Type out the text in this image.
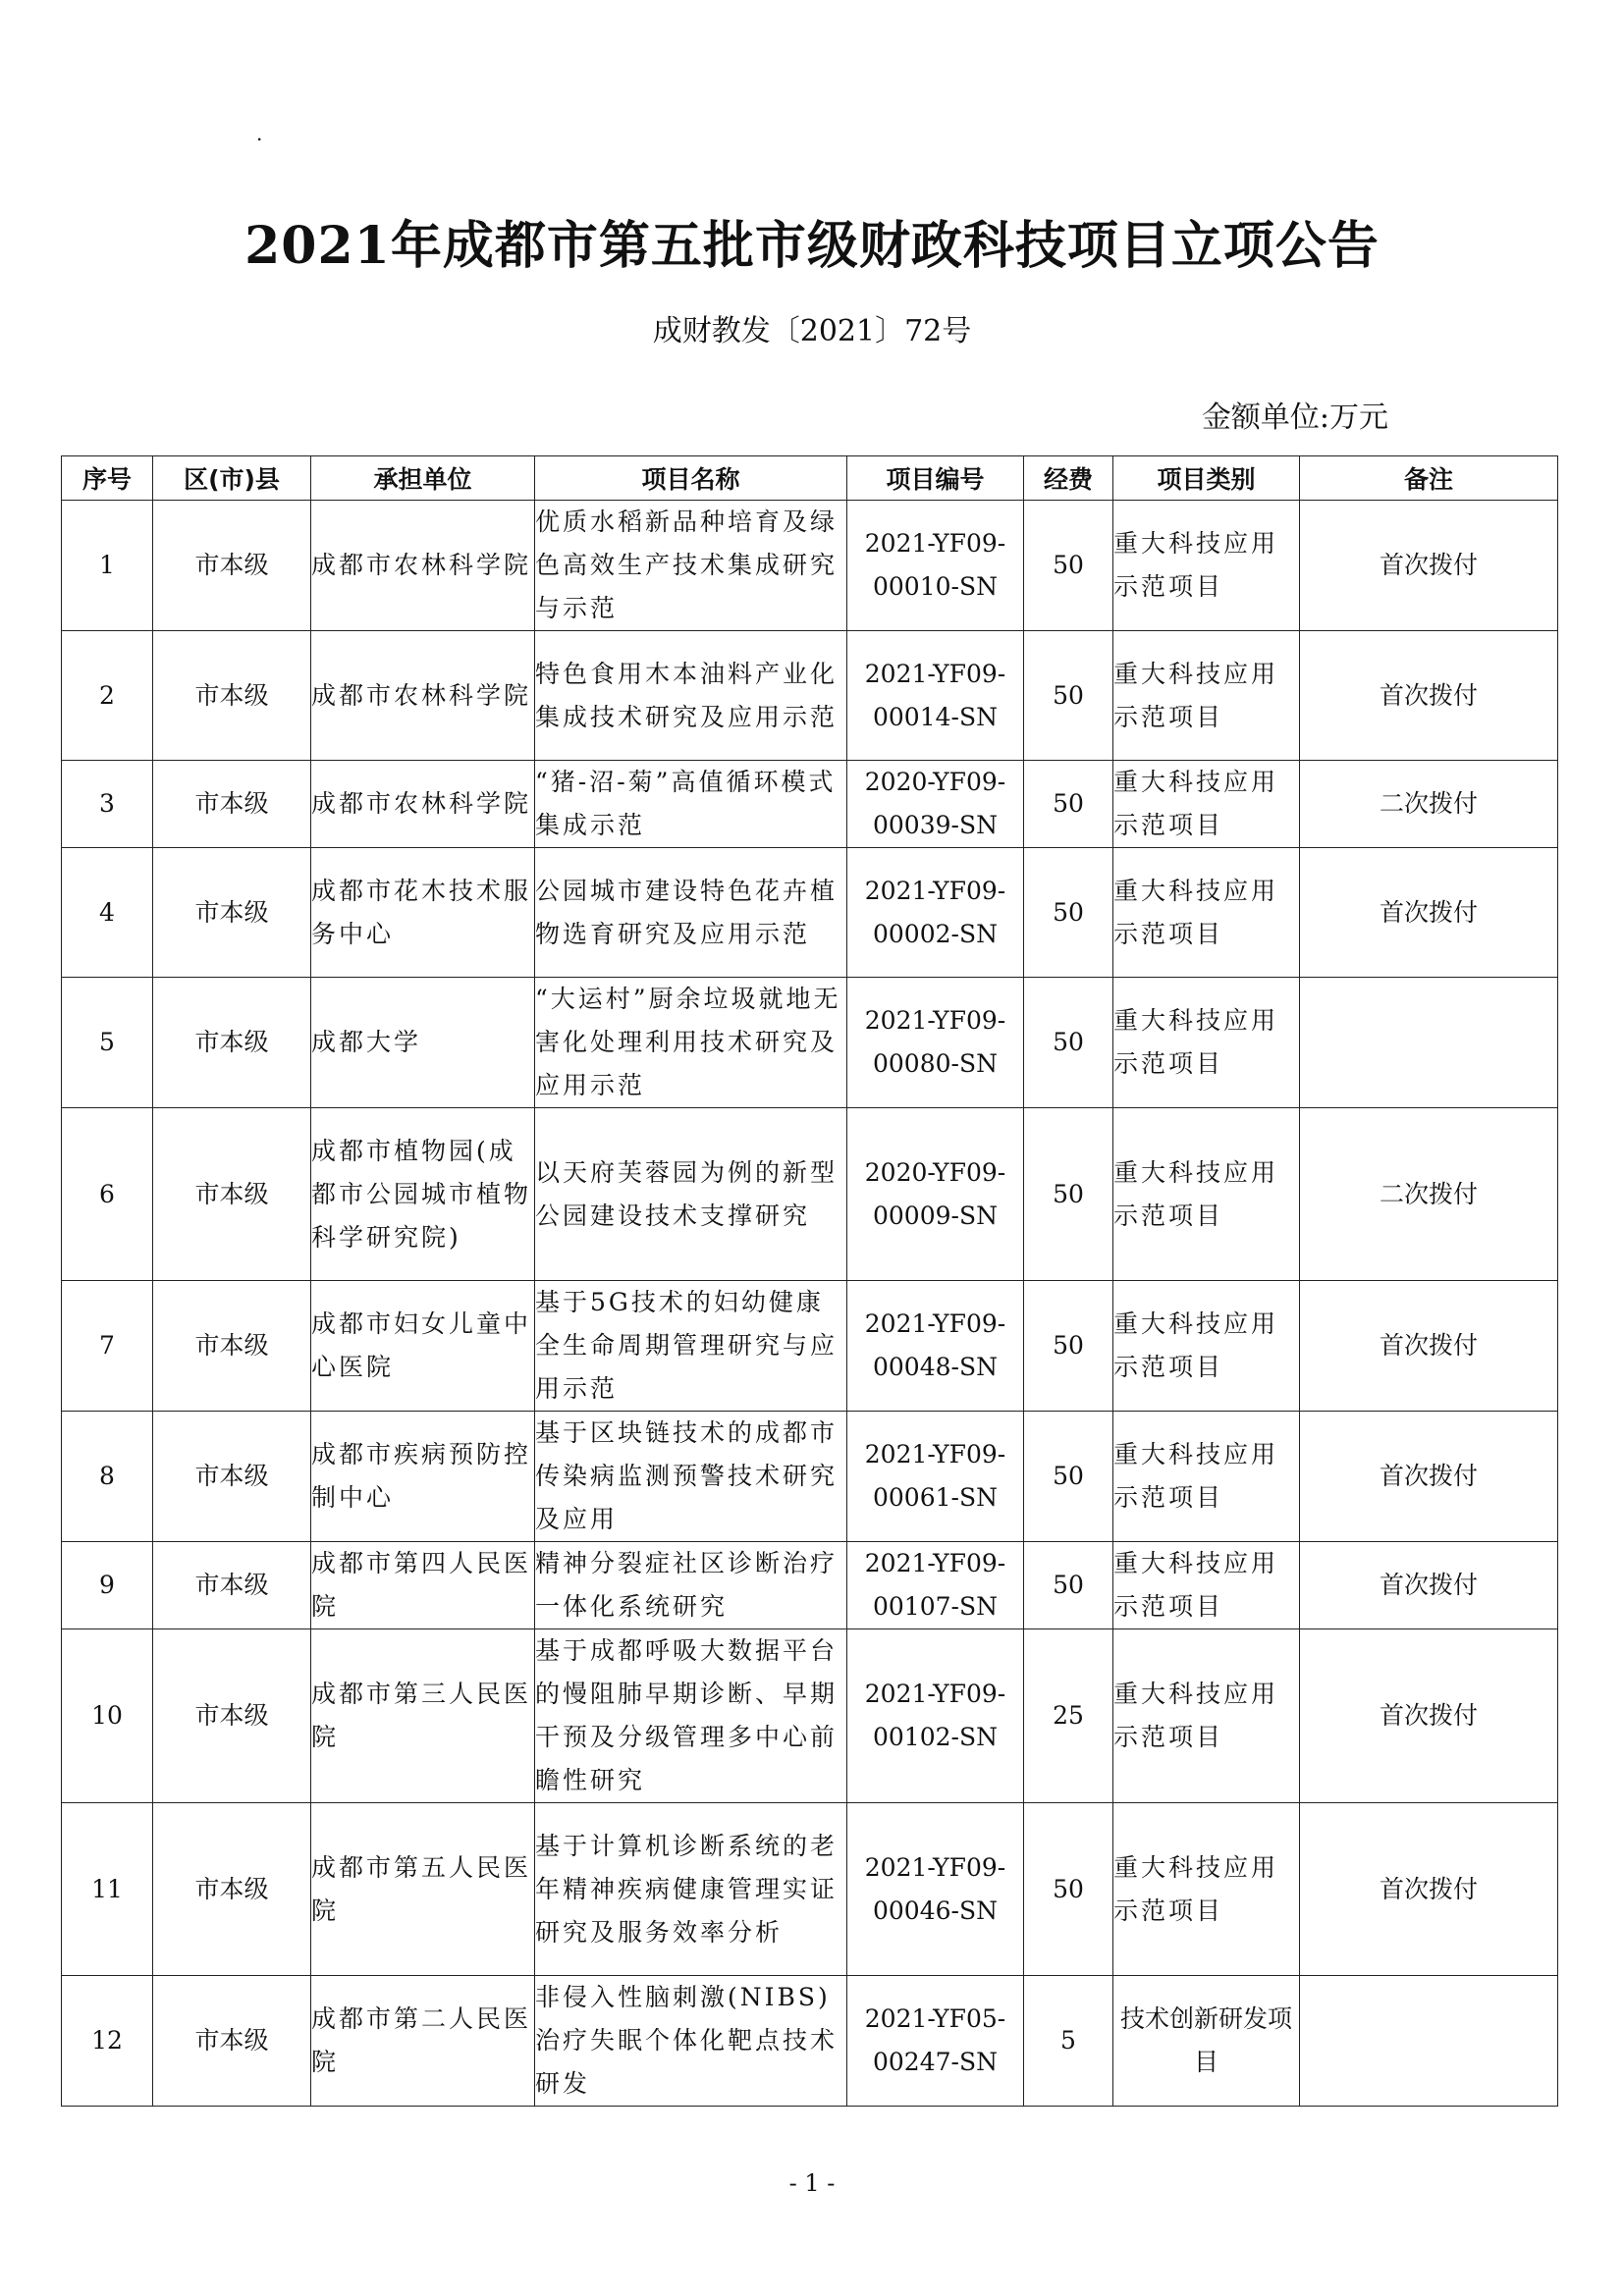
.
2021年成都市第五批市级财政科技项目立项公告
成财教发〔2021〕72号
金额单位:万元
序号	区(市)县	承担单位	项目名称	项目编号	经费	项目类别	备注
1	市本级	成都市农林科学院	优质水稻新品种培育及绿色高效生产技术集成研究与示范	2021-YF09-00010-SN	50	重大科技应用示范项目	首次拨付
2	市本级	成都市农林科学院	特色食用木本油料产业化集成技术研究及应用示范	2021-YF09-00014-SN	50	重大科技应用示范项目	首次拨付
3	市本级	成都市农林科学院	“猪-沼-菊”高值循环模式集成示范	2020-YF09-00039-SN	50	重大科技应用示范项目	二次拨付
4	市本级	成都市花木技术服务中心	公园城市建设特色花卉植物选育研究及应用示范	2021-YF09-00002-SN	50	重大科技应用示范项目	首次拨付
5	市本级	成都大学	“大运村”厨余垃圾就地无害化处理利用技术研究及应用示范	2021-YF09-00080-SN	50	重大科技应用示范项目	
6	市本级	成都市植物园(成都市公园城市植物科学研究院)	以天府芙蓉园为例的新型公园建设技术支撑研究	2020-YF09-00009-SN	50	重大科技应用示范项目	二次拨付
7	市本级	成都市妇女儿童中心医院	基于5G技术的妇幼健康全生命周期管理研究与应用示范	2021-YF09-00048-SN	50	重大科技应用示范项目	首次拨付
8	市本级	成都市疾病预防控制中心	基于区块链技术的成都市传染病监测预警技术研究及应用	2021-YF09-00061-SN	50	重大科技应用示范项目	首次拨付
9	市本级	成都市第四人民医院	精神分裂症社区诊断治疗一体化系统研究	2021-YF09-00107-SN	50	重大科技应用示范项目	首次拨付
10	市本级	成都市第三人民医院	基于成都呼吸大数据平台的慢阻肺早期诊断、早期干预及分级管理多中心前瞻性研究	2021-YF09-00102-SN	25	重大科技应用示范项目	首次拨付
11	市本级	成都市第五人民医院	基于计算机诊断系统的老年精神疾病健康管理实证研究及服务效率分析	2021-YF09-00046-SN	50	重大科技应用示范项目	首次拨付
12	市本级	成都市第二人民医院	非侵入性脑刺激(NIBS)治疗失眠个体化靶点技术研发	2021-YF05-00247-SN	5	技术创新研发项目	
- 1 -
